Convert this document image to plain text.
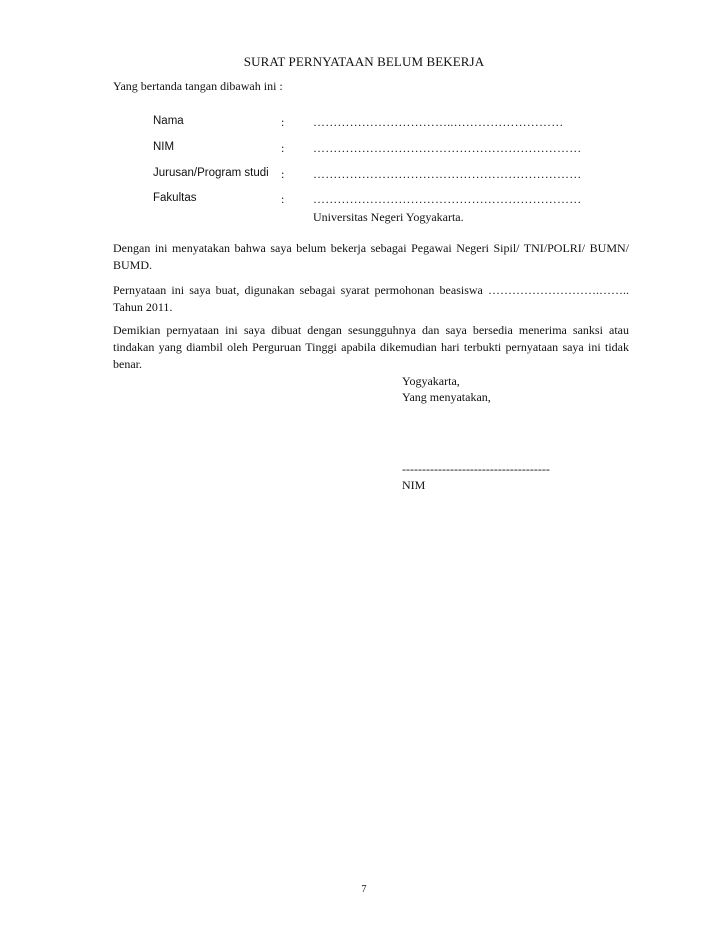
SURAT PERNYATAAN BELUM BEKERJA
Yang bertanda tangan dibawah ini :
Nama	: ……………………………..………………………
NIM	: …………………………………………………………
Jurusan/Program studi : …………………………………………………………
Fakultas	: …………………………………………………………
Universitas Negeri Yogyakarta.
Dengan ini menyatakan bahwa saya belum bekerja sebagai Pegawai Negeri Sipil/ TNI/POLRI/ BUMN/ BUMD.
Pernyataan ini saya buat, digunakan sebagai syarat permohonan beasiswa ……………………….…….. Tahun 2011.
Demikian pernyataan ini saya dibuat dengan sesungguhnya dan saya bersedia menerima sanksi atau tindakan yang diambil oleh Perguruan Tinggi apabila dikemudian hari terbukti pernyataan saya ini tidak benar.
Yogyakarta,
Yang menyatakan,
-------------------------------------
NIM
7
